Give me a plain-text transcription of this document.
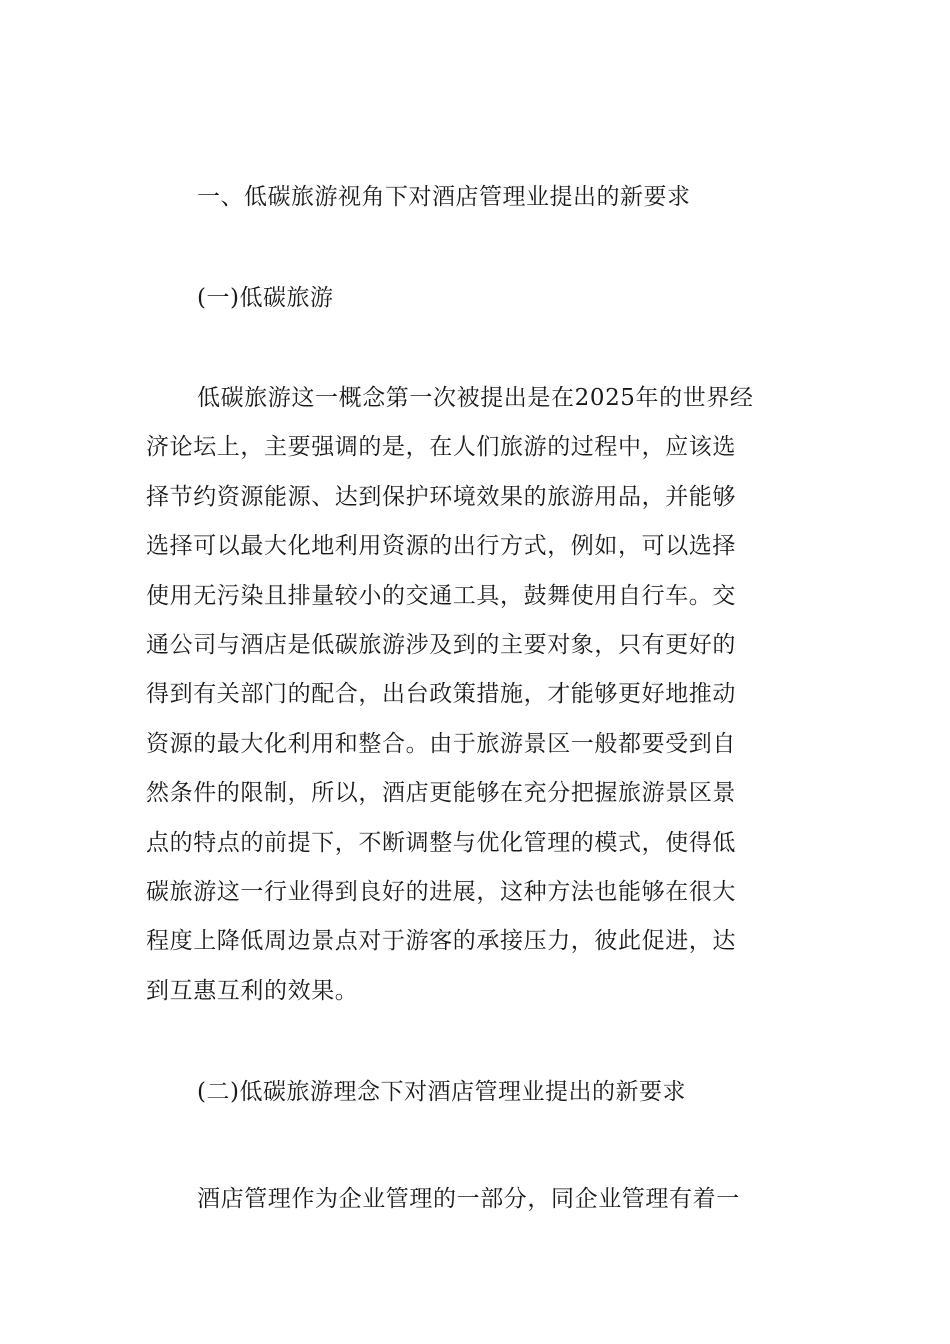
一、低碳旅游视角下对酒店管理业提出的新要求
(一)低碳旅游
低碳旅游这一概念第一次被提出是在2025年的世界经
济论坛上，主要强调的是，在人们旅游的过程中，应该选
择节约资源能源、达到保护环境效果的旅游用品，并能够
选择可以最大化地利用资源的出行方式，例如，可以选择
使用无污染且排量较小的交通工具，鼓舞使用自行车。交
通公司与酒店是低碳旅游涉及到的主要对象，只有更好的
得到有关部门的配合，出台政策措施，才能够更好地推动
资源的最大化利用和整合。由于旅游景区一般都要受到自
然条件的限制，所以，酒店更能够在充分把握旅游景区景
点的特点的前提下，不断调整与优化管理的模式，使得低
碳旅游这一行业得到良好的进展，这种方法也能够在很大
程度上降低周边景点对于游客的承接压力，彼此促进，达
到互惠互利的效果。
(二)低碳旅游理念下对酒店管理业提出的新要求
酒店管理作为企业管理的一部分，同企业管理有着一
